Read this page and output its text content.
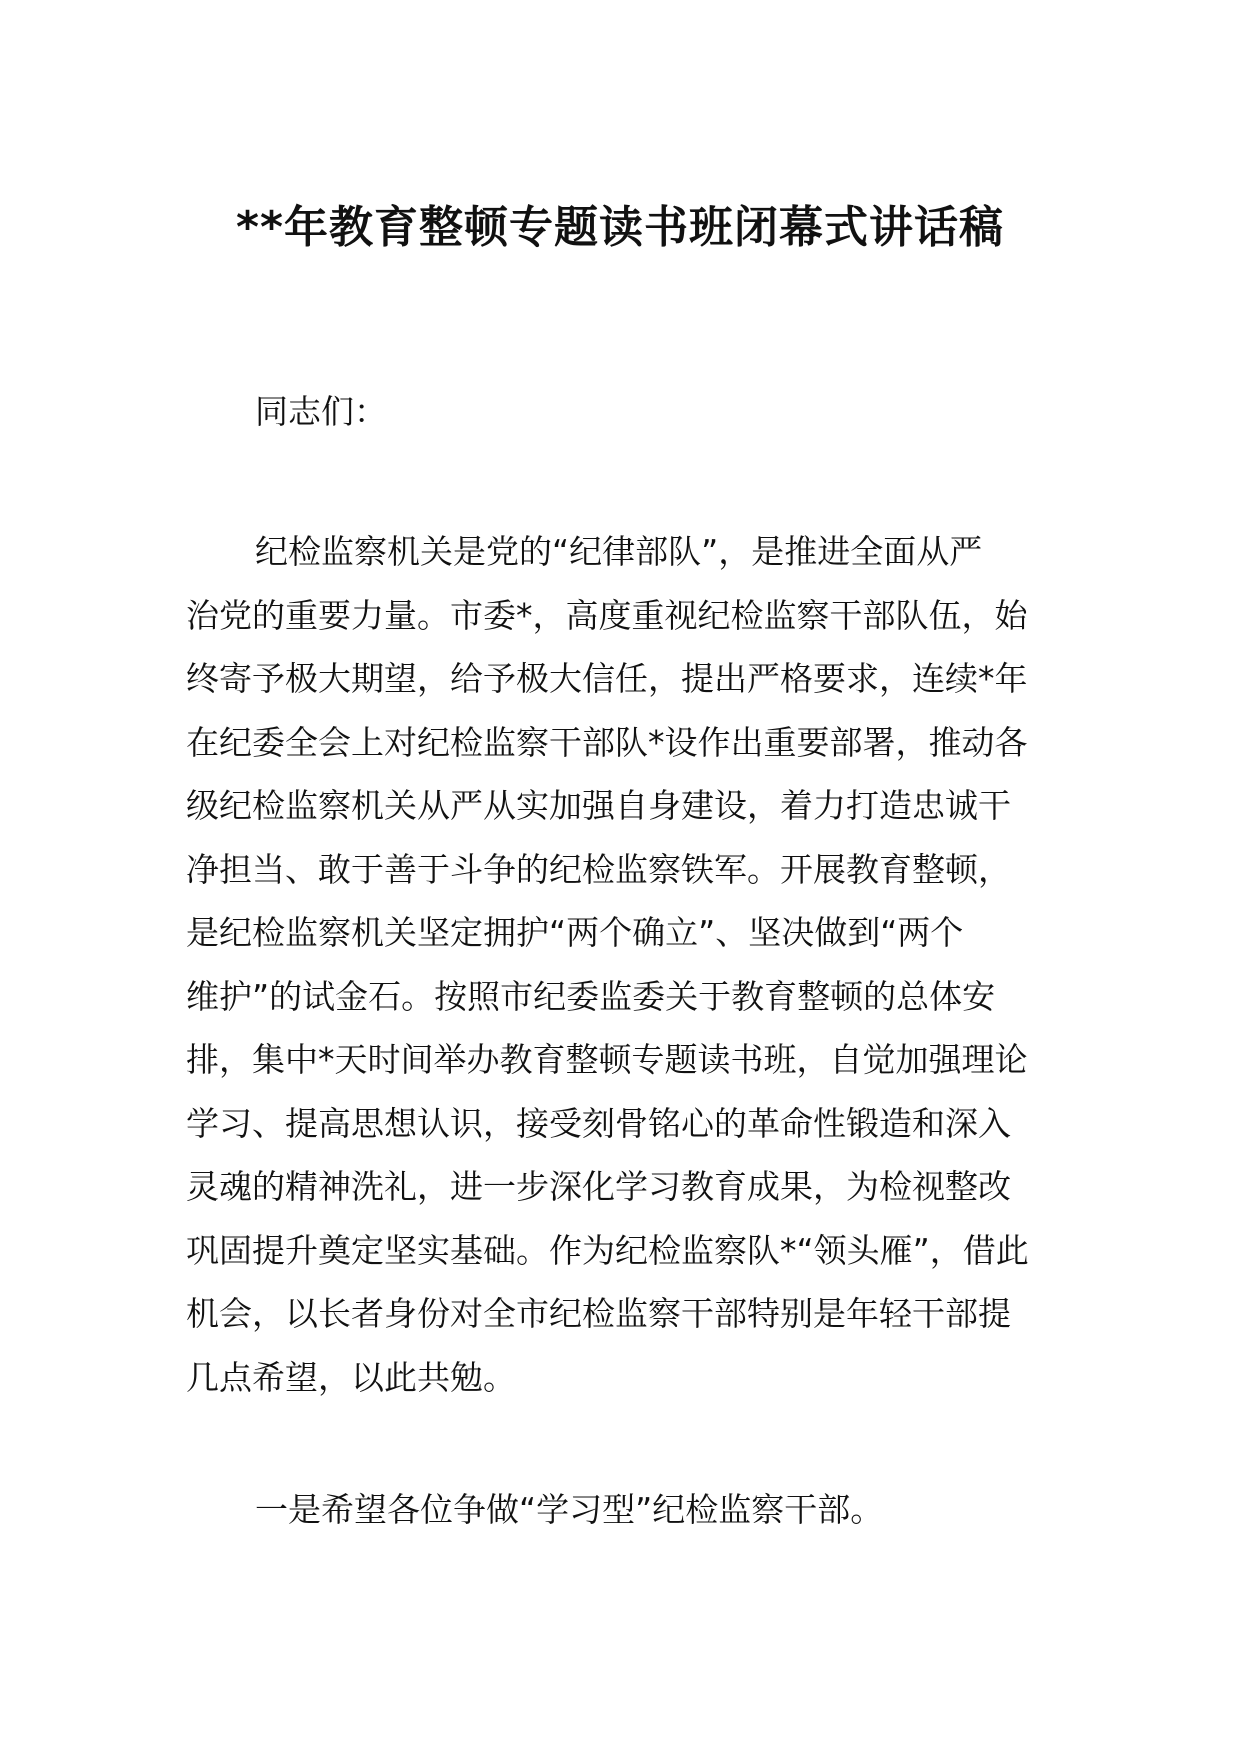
**年教育整顿专题读书班闭幕式讲话稿
同志们：
纪检监察机关是党的“纪律部队”，是推进全面从严
治党的重要力量。市委*，高度重视纪检监察干部队伍，始
终寄予极大期望，给予极大信任，提出严格要求，连续*年
在纪委全会上对纪检监察干部队*设作出重要部署，推动各
级纪检监察机关从严从实加强自身建设，着力打造忠诚干
净担当、敢于善于斗争的纪检监察铁军。开展教育整顿，
是纪检监察机关坚定拥护“两个确立”、坚决做到“两个
维护”的试金石。按照市纪委监委关于教育整顿的总体安
排，集中*天时间举办教育整顿专题读书班，自觉加强理论
学习、提高思想认识，接受刻骨铭心的革命性锻造和深入
灵魂的精神洗礼，进一步深化学习教育成果，为检视整改
巩固提升奠定坚实基础。作为纪检监察队*“领头雁”，借此
机会，以长者身份对全市纪检监察干部特别是年轻干部提
几点希望，以此共勉。
一是希望各位争做“学习型”纪检监察干部。
